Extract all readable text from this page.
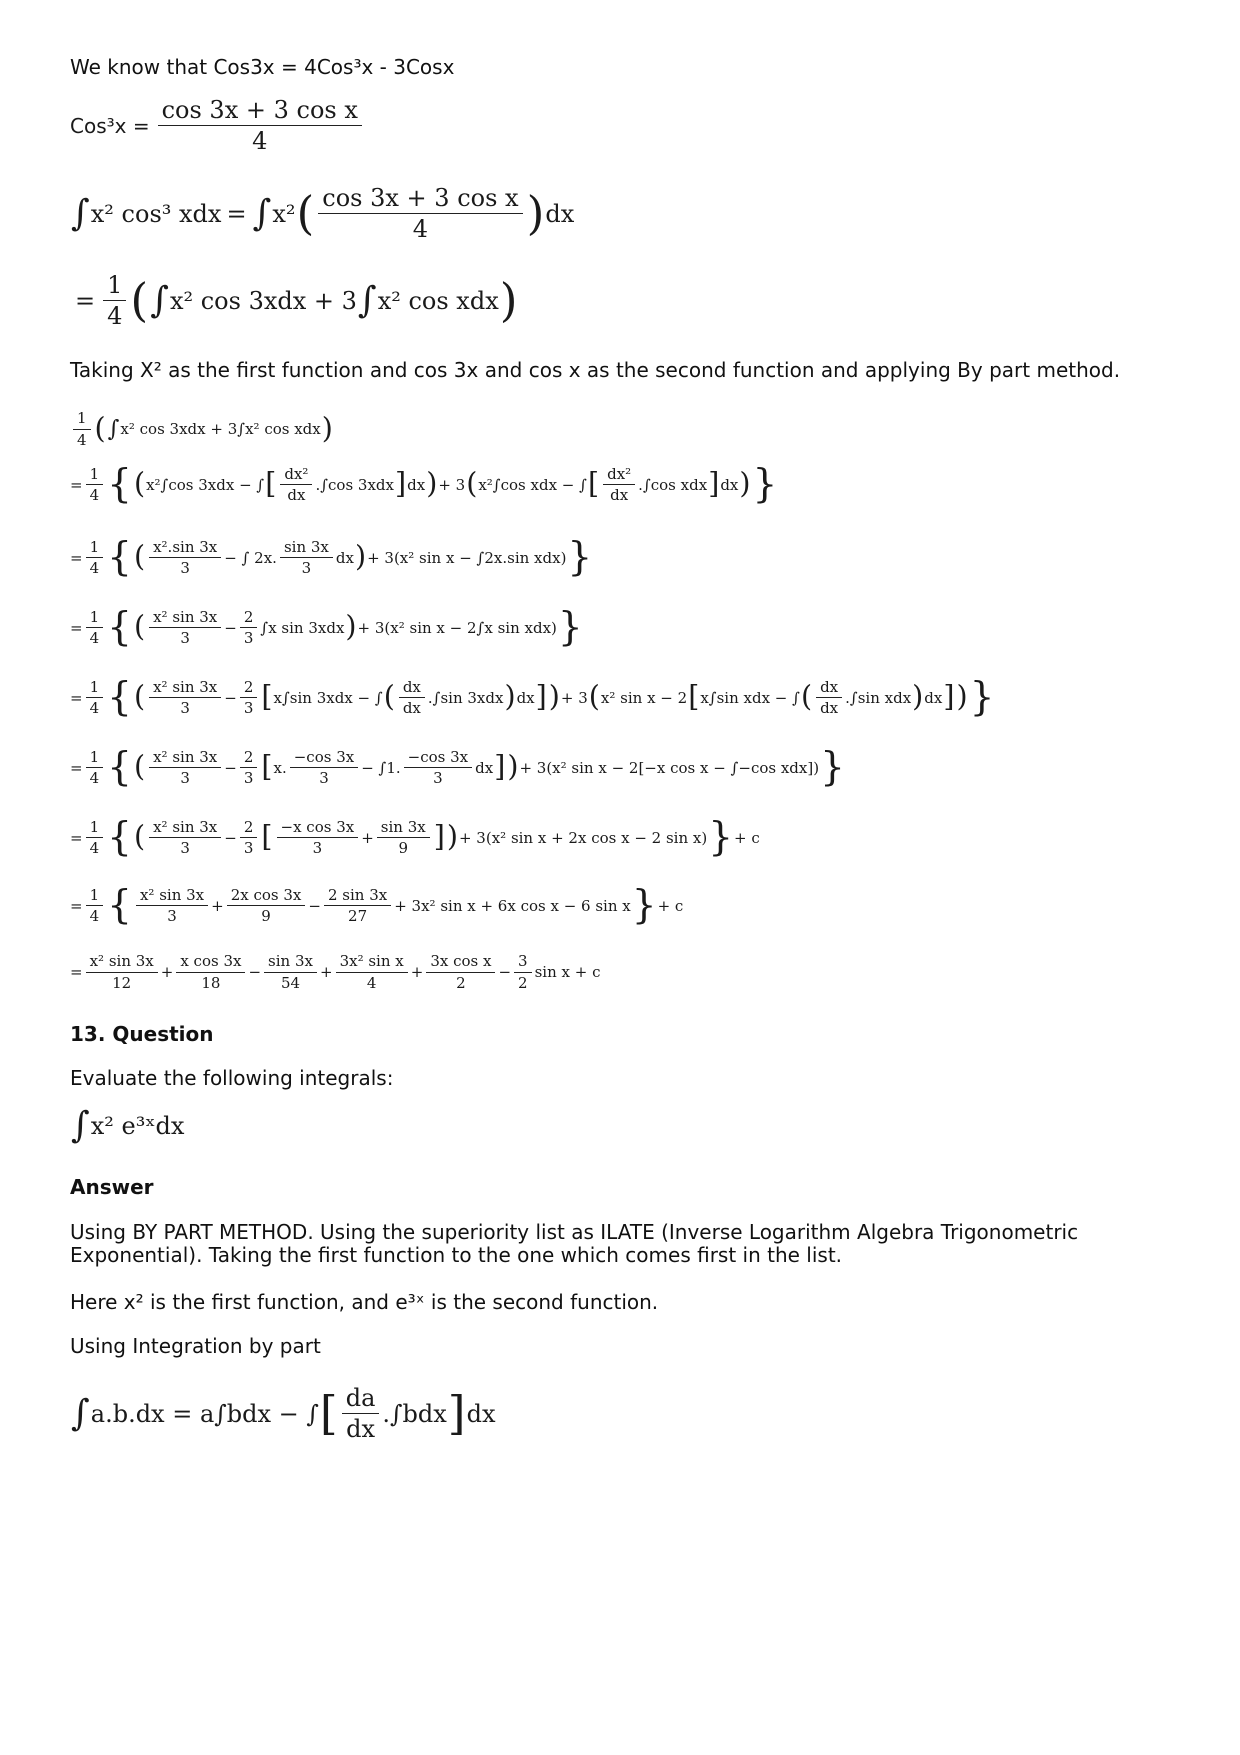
We know that Cos3x = 4Cos³x - 3Cosx
$Cos^3x = \frac{\text{cos 3x + 3 cos x}}{4}$
∫ x² cos³ xdx = ∫ x² ( $\frac{\text{cos 3x + 3 cos x}}{4}$ ) dx
= $\frac{1}{4}$ ( ∫ x² cos 3xdx + 3 ∫ x² cos xdx )
Taking X² as the first function and cos 3x and cos x as the second function and applying By part method.
$\frac{1}{4}$ ( ∫ x² cos 3xdx + 3∫x² cos xdx )
= $\frac{1}{4}$ { ( x²∫cos 3xdx − ∫ [ $\frac{\text{dx²}}{dx} .\int\cos$ 3xdx ] dx ) + 3 ( x²∫cos xdx − ∫ [ $\frac{\text{dx²}}{dx} .\int\cos$ xdx ] dx ) }
= $\frac{1}{4}$ { ( $\frac{\text{x².sin 3x}}{3}$ − ∫ 2x. $\frac{\sin 3x}{3}$ dx ) + 3(x² sin x − ∫2x.sin xdx) }
= $\frac{1}{4}$ { ( $\frac{\text{x² sin 3x}}{3} - \frac{2}{3} \int x$ sin 3xdx ) + 3(x² sin x − 2∫x sin xdx) }
= $\frac{1}{4}$ { ( $\frac{\text{x² sin 3x}}{3} - \frac{2}{3}$ [ x∫sin 3xdx − ∫ ( $\frac{dx}{dx} .\int\sin$ 3xdx ) dx ] ) + 3 ( x² sin x − 2 [ x∫sin xdx − ∫ ( $\frac{dx}{dx} .\int\sin$ xdx ) dx ] ) }
= $\frac{1}{4}$ { ( $\frac{\text{x² sin 3x}}{3} - \frac{2}{3}$ [ x. $\frac{-\cos 3x}{3} - \int 1$. $\frac{-\cos 3x}{3}$ dx ] ) + 3(x² sin x − 2[−x cos x − ∫−cos xdx]) }
= $\frac{1}{4}$ { ( $\frac{\text{x² sin 3x}}{3} - \frac{2}{3}$ [ $\frac{\text{−x cos 3x}}{3} + \frac{\sin 3x}{9}$ ] ) + 3(x² sin x + 2x cos x − 2 sin x) } + c
= $\frac{1}{4}$ { $\frac{\text{x² sin 3x}}{3} + \frac{\text{2x cos 3x}}{9} - \frac{2 \sin 3x}{27} + 3x^2$ sin x + 6x cos x − 6 sin x } + c
= $\frac{\text{x² sin 3x}}{12} + \frac{\text{x cos 3x}}{18} - \frac{\sin 3x}{54} + \frac{\text{3x² sin x}}{4} + \frac{\text{3x cos x}}{2} - \frac{3}{2}$ sin x + c
13. Question
Evaluate the following integrals:
∫ x² e³ˣdx
Answer
Using BY PART METHOD. Using the superiority list as ILATE (Inverse Logarithm Algebra Trigonometric
Exponential). Taking the first function to the one which comes first in the list.
Here x² is the first function, and e³ˣ is the second function.
Using Integration by part
∫ a.b.dx = a∫bdx − ∫ [ $\frac{da}{dx} .\int bdx$ ] dx
